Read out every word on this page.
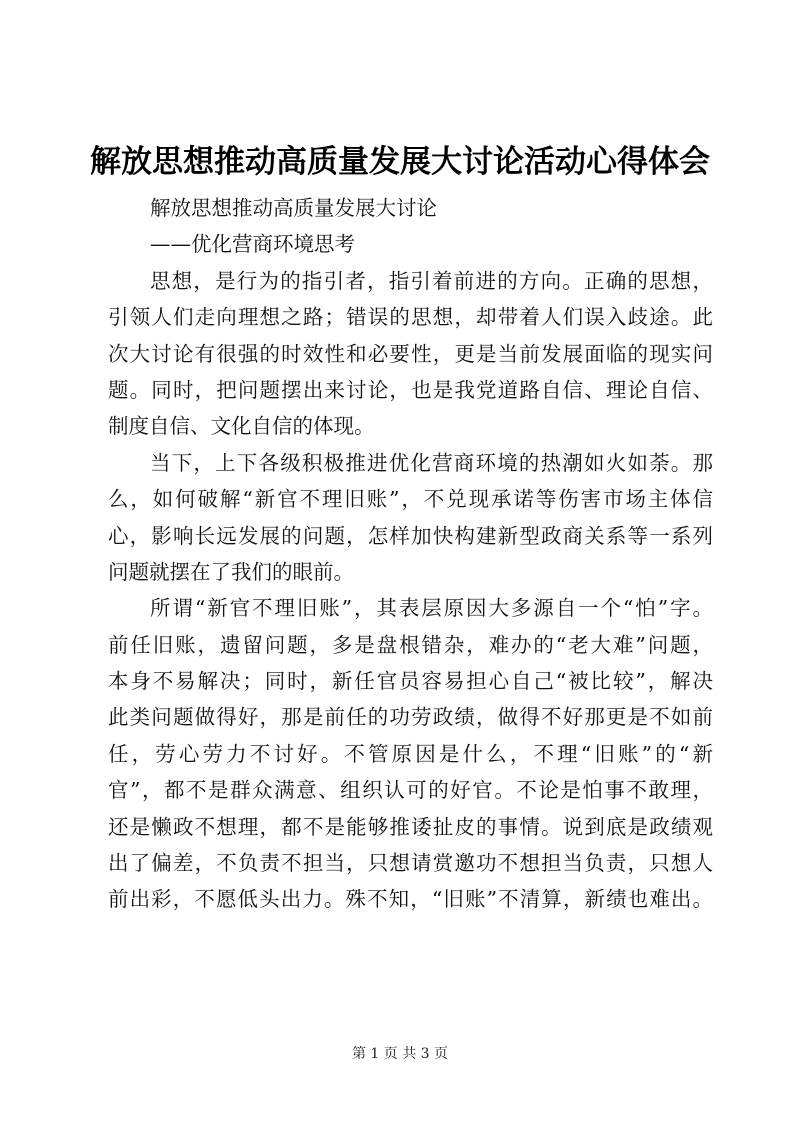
解放思想推动高质量发展大讨论活动心得体会
解放思想推动高质量发展大讨论
——优化营商环境思考
思想，是行为的指引者，指引着前进的方向。正确的思想，
引领人们走向理想之路；错误的思想，却带着人们误入歧途。此
次大讨论有很强的时效性和必要性，更是当前发展面临的现实问
题。同时，把问题摆出来讨论，也是我党道路自信、理论自信、
制度自信、文化自信的体现。
当下，上下各级积极推进优化营商环境的热潮如火如荼。那
么，如何破解“新官不理旧账”，不兑现承诺等伤害市场主体信
心，影响长远发展的问题，怎样加快构建新型政商关系等一系列
问题就摆在了我们的眼前。
所谓“新官不理旧账”，其表层原因大多源自一个“怕”字。
前任旧账，遗留问题，多是盘根错杂，难办的“老大难”问题，
本身不易解决；同时，新任官员容易担心自己“被比较”，解决
此类问题做得好，那是前任的功劳政绩，做得不好那更是不如前
任，劳心劳力不讨好。不管原因是什么，不理“旧账”的“新
官”，都不是群众满意、组织认可的好官。不论是怕事不敢理，
还是懒政不想理，都不是能够推诿扯皮的事情。说到底是政绩观
出了偏差，不负责不担当，只想请赏邀功不想担当负责，只想人
前出彩，不愿低头出力。殊不知，“旧账”不清算，新绩也难出。
第 1 页 共 3 页
